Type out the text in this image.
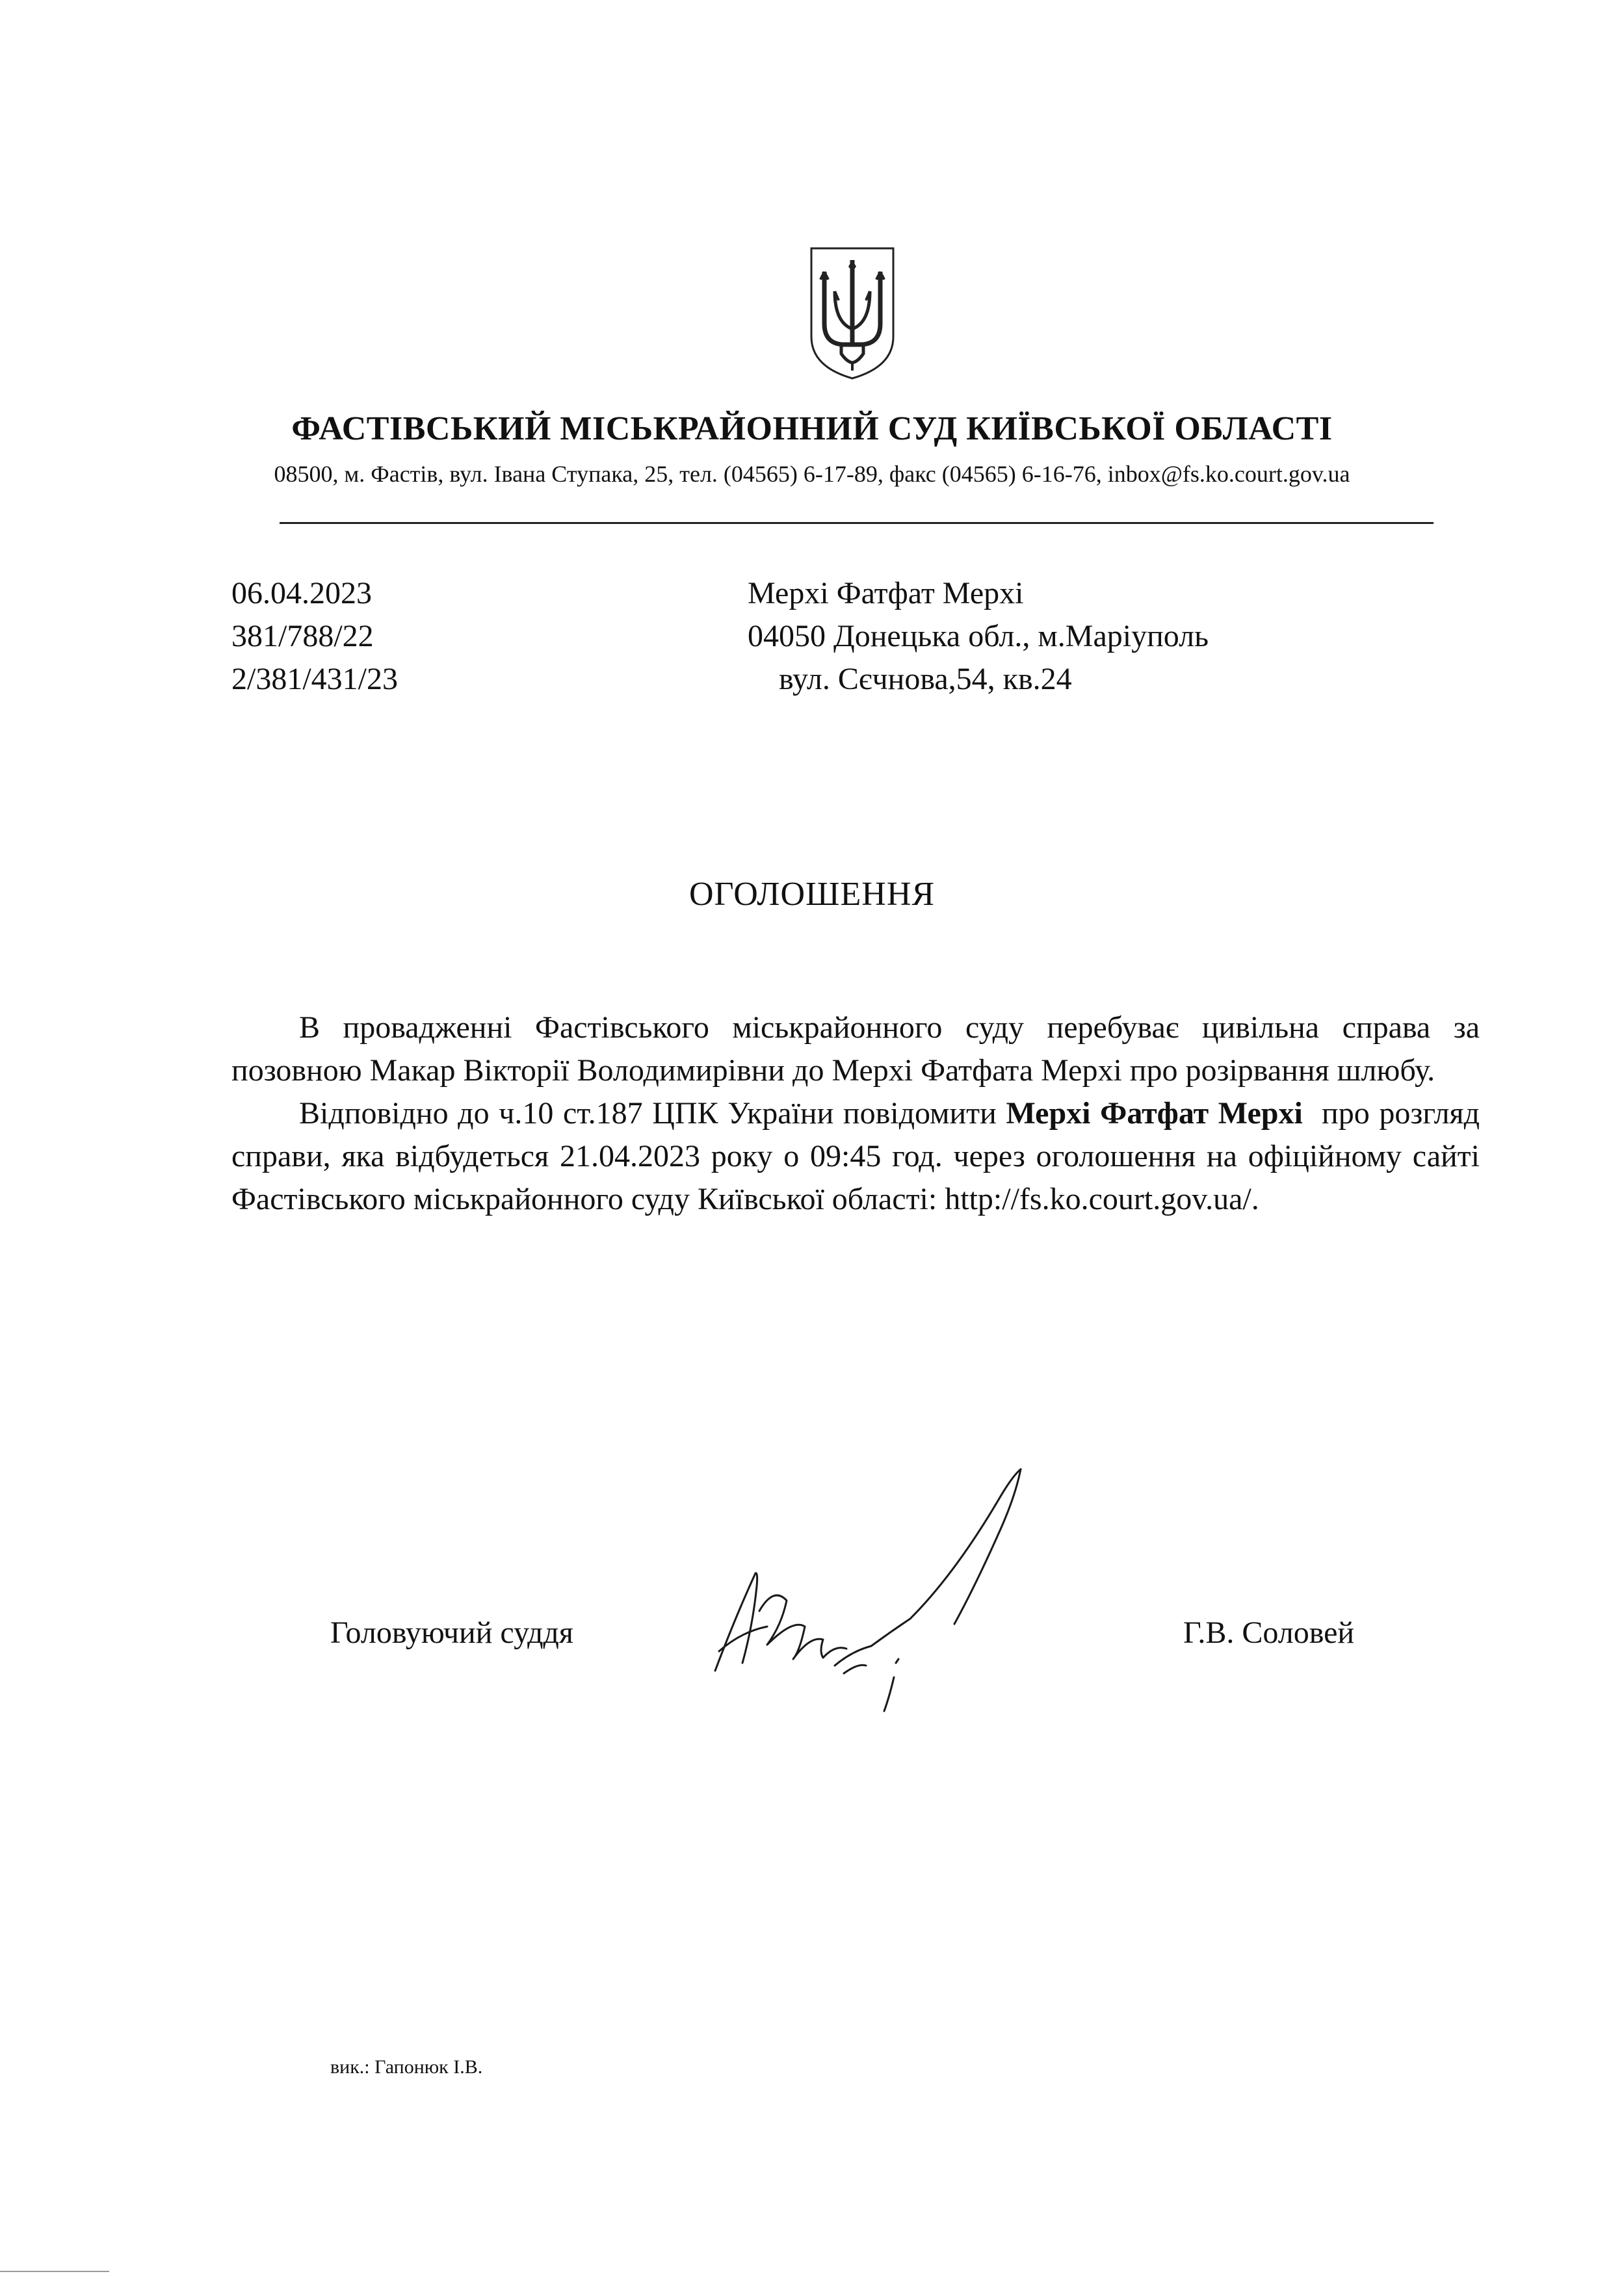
ФАСТІВСЬКИЙ МІСЬКРАЙОННИЙ СУД КИЇВСЬКОЇ ОБЛАСТІ
08500, м. Фастів, вул. Івана Ступака, 25, тел. (04565) 6-17-89, факс (04565) 6-16-76, inbox@fs.ko.court.gov.ua
06.04.2023
381/788/22
2/381/431/23
Мерхі Фатфат Мерхі
04050 Донецька обл., м.Маріуполь
вул. Сєчнова,54, кв.24
ОГОЛОШЕННЯ

В провадженні Фастівського міськрайонного суду перебуває цивільна справа за позовною Макар Вікторії Володимирівни до Мерхі Фатфата Мерхі про розірвання шлюбу.

Відповідно до ч.10 ст.187 ЦПК України повідомити Мерхі Фатфат Мерхі  про розгляд справи, яка відбудеться 21.04.2023 року о 09:45 год. через оголошення на офіційному сайті Фастівського міськрайонного суду Київської області: http://fs.ko.court.gov.ua/.

Головуючий суддя	Г.В. Соловей
вик.: Гапонюк І.В.
